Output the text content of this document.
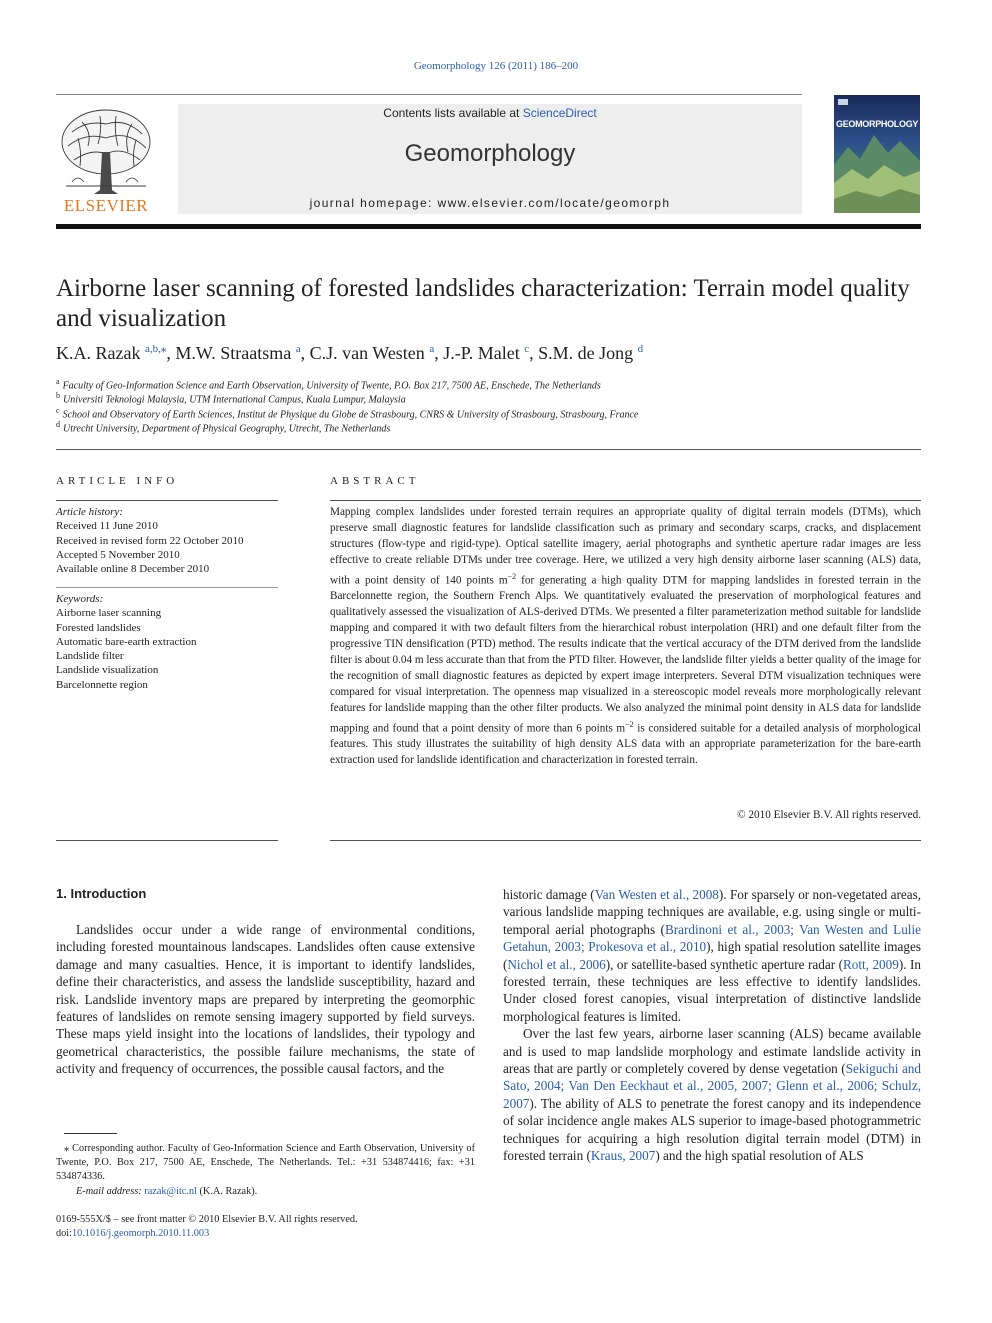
Geomorphology 126 (2011) 186–200
ELSEVIER
Contents lists available at ScienceDirect
Geomorphology
journal homepage: www.elsevier.com/locate/geomorph
GEOMORPHOLOGY
Airborne laser scanning of forested landslides characterization: Terrain model quality
and visualization
K.A. Razak $^{a,b,⁎}$, M.W. Straatsma $^a$, C.J. van Westen $^a$, J.-P. Malet $^c$, S.M. de Jong $^d$
$^a$ Faculty of Geo-Information Science and Earth Observation, University of Twente, P.O. Box 217, 7500 AE, Enschede, The Netherlands
$^b$ Universiti Teknologi Malaysia, UTM International Campus, Kuala Lumpur, Malaysia
$^c$ School and Observatory of Earth Sciences, Institut de Physique du Globe de Strasbourg, CNRS & University of Strasbourg, Strasbourg, France
$^d$ Utrecht University, Department of Physical Geography, Utrecht, The Netherlands
ARTICLE INFO
Article history:
Received 11 June 2010
Received in revised form 22 October 2010
Accepted 5 November 2010
Available online 8 December 2010
Keywords:
Airborne laser scanning
Forested landslides
Automatic bare-earth extraction
Landslide filter
Landslide visualization
Barcelonnette region
ABSTRACT
Mapping complex landslides under forested terrain requires an appropriate quality of digital terrain models (DTMs), which preserve small diagnostic features for landslide classification such as primary and secondary scarps, cracks, and displacement structures (flow-type and rigid-type). Optical satellite imagery, aerial photographs and synthetic aperture radar images are less effective to create reliable DTMs under tree coverage. Here, we utilized a very high density airborne laser scanning (ALS) data, with a point density of 140 points $m^{-2}$ for generating a high quality DTM for mapping landslides in forested terrain in the Barcelonnette region, the Southern French Alps. We quantitatively evaluated the preservation of morphological features and qualitatively assessed the visualization of ALS-derived DTMs. We presented a filter parameterization method suitable for landslide mapping and compared it with two default filters from the hierarchical robust interpolation (HRI) and one default filter from the progressive TIN densification (PTD) method. The results indicate that the vertical accuracy of the DTM derived from the landslide filter is about 0.04 m less accurate than that from the PTD filter. However, the landslide filter yields a better quality of the image for the recognition of small diagnostic features as depicted by expert image interpreters. Several DTM visualization techniques were compared for visual interpretation. The openness map visualized in a stereoscopic model reveals more morphologically relevant features for landslide mapping than the other filter products. We also analyzed the minimal point density in ALS data for landslide mapping and found that a point density of more than 6 points $m^{-2}$ is considered suitable for a detailed analysis of morphological features. This study illustrates the suitability of high density ALS data with an appropriate parameterization for the bare-earth extraction used for landslide identification and characterization in forested terrain.
© 2010 Elsevier B.V. All rights reserved.
1. Introduction

Landslides occur under a wide range of environmental conditions, including forested mountainous landscapes. Landslides often cause extensive damage and many casualties. Hence, it is important to identify landslides, define their characteristics, and assess the landslide susceptibility, hazard and risk. Landslide inventory maps are prepared by interpreting the geomorphic features of landslides on remote sensing imagery supported by field surveys. These maps yield insight into the locations of landslides, their typology and geometrical characteristics, the possible failure mechanisms, the state of activity and frequency of occurrences, the possible causal factors, and the

historic damage (Van Westen et al., 2008). For sparsely or non-vegetated areas, various landslide mapping techniques are available, e.g. using single or multi-temporal aerial photographs (Brardinoni et al., 2003; Van Westen and Lulie Getahun, 2003; Prokesova et al., 2010), high spatial resolution satellite images (Nichol et al., 2006), or satellite-based synthetic aperture radar (Rott, 2009). In forested terrain, these techniques are less effective to identify landslides. Under closed forest canopies, visual interpretation of distinctive landslide morphological features is limited.

Over the last few years, airborne laser scanning (ALS) became available and is used to map landslide morphology and estimate landslide activity in areas that are partly or completely covered by dense vegetation (Sekiguchi and Sato, 2004; Van Den Eeckhaut et al., 2005, 2007; Glenn et al., 2006; Schulz, 2007). The ability of ALS to penetrate the forest canopy and its independence of solar incidence angle makes ALS superior to image-based photogrammetric techniques for acquiring a high resolution digital terrain model (DTM) in forested terrain (Kraus, 2007) and the high spatial resolution of ALS

⁎ Corresponding author. Faculty of Geo-Information Science and Earth Observation, University of Twente, P.O. Box 217, 7500 AE, Enschede, The Netherlands. Tel.: +31 534874416; fax: +31 534874336.
E-mail address: razak@itc.nl (K.A. Razak).
0169-555X/$ – see front matter © 2010 Elsevier B.V. All rights reserved.
doi:10.1016/j.geomorph.2010.11.003
